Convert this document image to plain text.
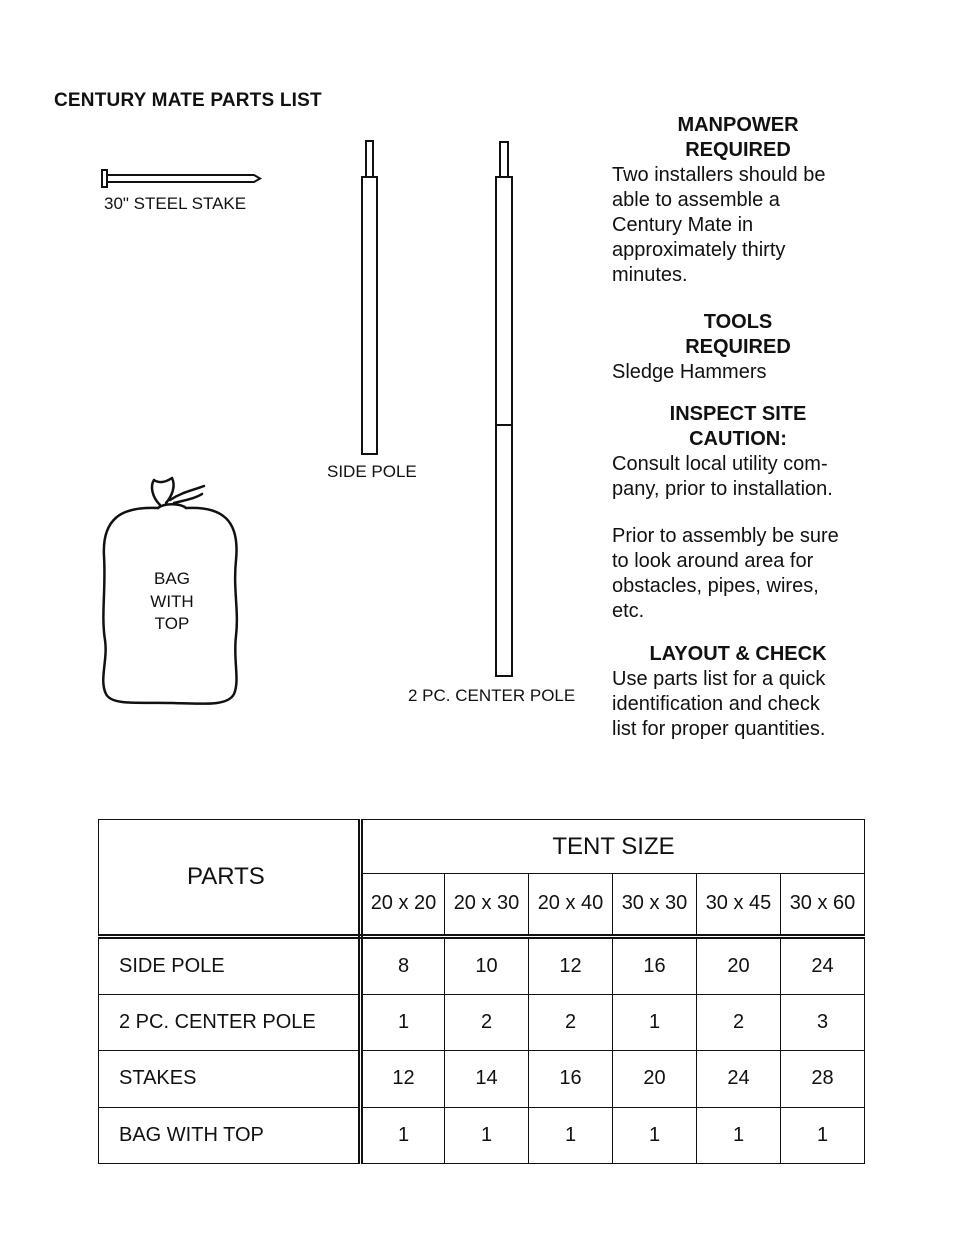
CENTURY MATE PARTS LIST
30" STEEL STAKE
SIDE POLE
2 PC. CENTER POLE
BAG
WITH
TOP
MANPOWER
REQUIRED
Two installers should be
able to assemble a
Century Mate in
approximately thirty
minutes.
TOOLS
REQUIRED
Sledge Hammers
INSPECT SITE
CAUTION:
Consult local utility com-
pany, prior to installation.
Prior to assembly be sure
to look around area for
obstacles, pipes, wires,
etc.
LAYOUT & CHECK
Use parts list for a quick
identification and check
list for proper quantities.
PARTS	TENT SIZE					
	20 x 20	20 x 30	20 x 40	30 x 30	30 x 45	30 x 60
SIDE POLE	8	10	12	16	20	24
2 PC. CENTER POLE	1	2	2	1	2	3
STAKES	12	14	16	20	24	28
BAG WITH TOP	1	1	1	1	1	1
